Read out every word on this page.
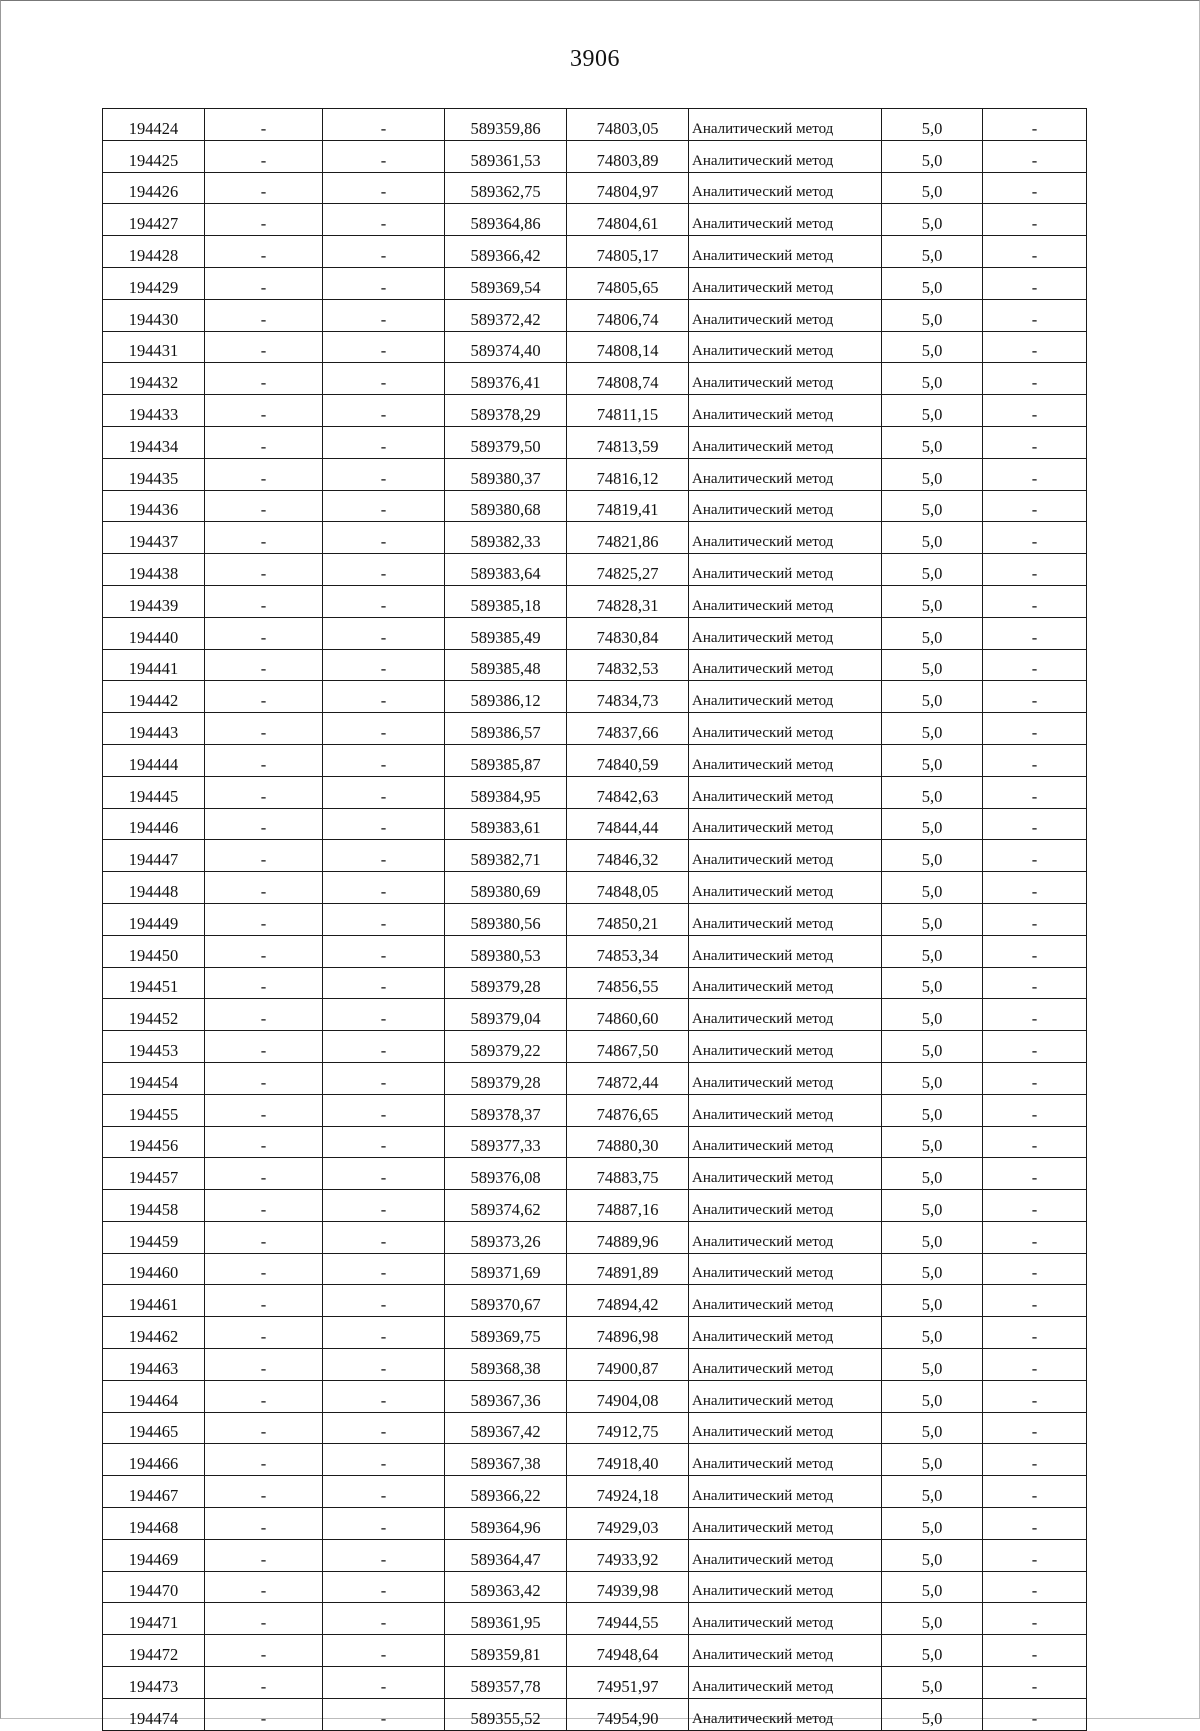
3906
194424	-	-	589359,86	74803,05	Аналитический метод	5,0	-
194425	-	-	589361,53	74803,89	Аналитический метод	5,0	-
194426	-	-	589362,75	74804,97	Аналитический метод	5,0	-
194427	-	-	589364,86	74804,61	Аналитический метод	5,0	-
194428	-	-	589366,42	74805,17	Аналитический метод	5,0	-
194429	-	-	589369,54	74805,65	Аналитический метод	5,0	-
194430	-	-	589372,42	74806,74	Аналитический метод	5,0	-
194431	-	-	589374,40	74808,14	Аналитический метод	5,0	-
194432	-	-	589376,41	74808,74	Аналитический метод	5,0	-
194433	-	-	589378,29	74811,15	Аналитический метод	5,0	-
194434	-	-	589379,50	74813,59	Аналитический метод	5,0	-
194435	-	-	589380,37	74816,12	Аналитический метод	5,0	-
194436	-	-	589380,68	74819,41	Аналитический метод	5,0	-
194437	-	-	589382,33	74821,86	Аналитический метод	5,0	-
194438	-	-	589383,64	74825,27	Аналитический метод	5,0	-
194439	-	-	589385,18	74828,31	Аналитический метод	5,0	-
194440	-	-	589385,49	74830,84	Аналитический метод	5,0	-
194441	-	-	589385,48	74832,53	Аналитический метод	5,0	-
194442	-	-	589386,12	74834,73	Аналитический метод	5,0	-
194443	-	-	589386,57	74837,66	Аналитический метод	5,0	-
194444	-	-	589385,87	74840,59	Аналитический метод	5,0	-
194445	-	-	589384,95	74842,63	Аналитический метод	5,0	-
194446	-	-	589383,61	74844,44	Аналитический метод	5,0	-
194447	-	-	589382,71	74846,32	Аналитический метод	5,0	-
194448	-	-	589380,69	74848,05	Аналитический метод	5,0	-
194449	-	-	589380,56	74850,21	Аналитический метод	5,0	-
194450	-	-	589380,53	74853,34	Аналитический метод	5,0	-
194451	-	-	589379,28	74856,55	Аналитический метод	5,0	-
194452	-	-	589379,04	74860,60	Аналитический метод	5,0	-
194453	-	-	589379,22	74867,50	Аналитический метод	5,0	-
194454	-	-	589379,28	74872,44	Аналитический метод	5,0	-
194455	-	-	589378,37	74876,65	Аналитический метод	5,0	-
194456	-	-	589377,33	74880,30	Аналитический метод	5,0	-
194457	-	-	589376,08	74883,75	Аналитический метод	5,0	-
194458	-	-	589374,62	74887,16	Аналитический метод	5,0	-
194459	-	-	589373,26	74889,96	Аналитический метод	5,0	-
194460	-	-	589371,69	74891,89	Аналитический метод	5,0	-
194461	-	-	589370,67	74894,42	Аналитический метод	5,0	-
194462	-	-	589369,75	74896,98	Аналитический метод	5,0	-
194463	-	-	589368,38	74900,87	Аналитический метод	5,0	-
194464	-	-	589367,36	74904,08	Аналитический метод	5,0	-
194465	-	-	589367,42	74912,75	Аналитический метод	5,0	-
194466	-	-	589367,38	74918,40	Аналитический метод	5,0	-
194467	-	-	589366,22	74924,18	Аналитический метод	5,0	-
194468	-	-	589364,96	74929,03	Аналитический метод	5,0	-
194469	-	-	589364,47	74933,92	Аналитический метод	5,0	-
194470	-	-	589363,42	74939,98	Аналитический метод	5,0	-
194471	-	-	589361,95	74944,55	Аналитический метод	5,0	-
194472	-	-	589359,81	74948,64	Аналитический метод	5,0	-
194473	-	-	589357,78	74951,97	Аналитический метод	5,0	-
194474	-	-	589355,52	74954,90	Аналитический метод	5,0	-
